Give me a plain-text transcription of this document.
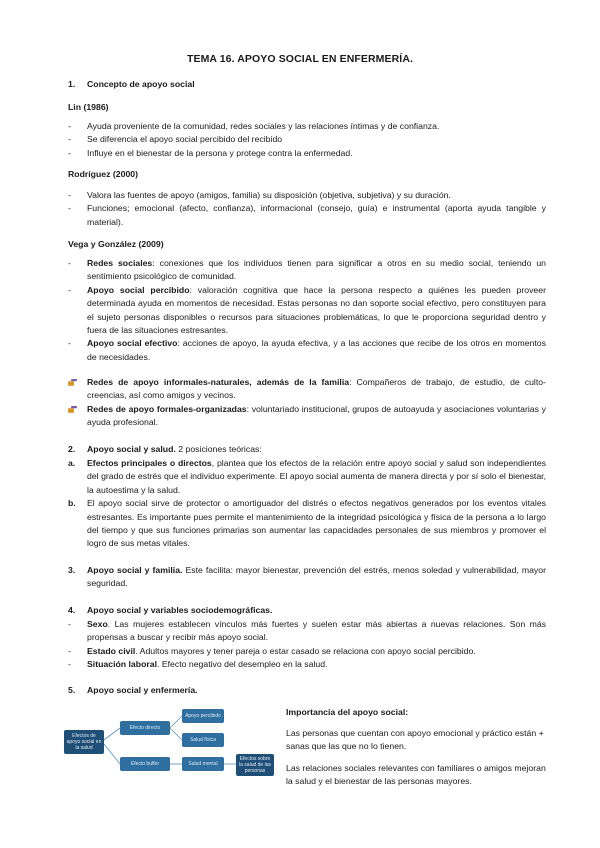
TEMA 16. APOYO SOCIAL EN ENFERMERÍA.
1. Concepto de apoyo social
Lin (1986)
- Ayuda proveniente de la comunidad, redes sociales y las relaciones íntimas y de confianza.
- Se diferencia el apoyo social percibido del recibido
- Influye en el bienestar de la persona y protege contra la enfermedad.
Rodríguez (2000)
- Valora las fuentes de apoyo (amigos, familia) su disposición (objetiva, subjetiva) y su duración.
- Funciones; emocional (afecto, confianza), informacional (consejo, guía) e instrumental (aporta ayuda tangible y material).
Vega y González (2009)
- Redes sociales: conexiones que los individuos tienen para significar a otros en su medio social, teniendo un sentimiento psicológico de comunidad.
- Apoyo social percibido: valoración cognitiva que hace la persona respecto a quiénes les pueden proveer determinada ayuda en momentos de necesidad. Estas personas no dan soporte social efectivo, pero constituyen para el sujeto personas disponibles o recursos para situaciones problemáticas, lo que le proporciona seguridad dentro y fuera de las situaciones estresantes.
- Apoyo social efectivo: acciones de apoyo, la ayuda efectiva, y a las acciones que recibe de los otros en momentos de necesidades.
Redes de apoyo informales-naturales, además de la familia: Compañeros de trabajo, de estudio, de culto-creencias, así como amigos y vecinos.
Redes de apoyo formales-organizadas: voluntariado institucional, grupos de autoayuda y asociaciones voluntarias y ayuda profesional.
2. Apoyo social y salud. 2 posiciones teóricas:
a. Efectos principales o directos, plantea que los efectos de la relación entre apoyo social y salud son independientes del grado de estrés que el individuo experimente. El apoyo social aumenta de manera directa y por sí solo el bienestar, la autoestima y la salud.
b. El apoyo social sirve de protector o amortiguador del distrés o efectos negativos generados por los eventos vitales estresantes. Es importante pues permite el mantenimiento de la integridad psicológica y física de la persona a lo largo del tiempo y que sus funciones primarias son aumentar las capacidades personales de sus miembros y promover el logro de sus metas vitales.
3. Apoyo social y familia. Este facilita: mayor bienestar, prevención del estrés, menos soledad y vulnerabilidad, mayor seguridad.
4. Apoyo social y variables sociodemográficas.
- Sexo. Las mujeres establecen vínculos más fuertes y suelen estar más abiertas a nuevas relaciones. Son más propensas a buscar y recibir más apoyo social.
- Estado civil. Adultos mayores y tener pareja o estar casado se relaciona con apoyo social percibido.
- Situación laboral. Efecto negativo del desempleo en la salud.
5. Apoyo social y enfermería.
Efectos de apoyo social en la salud
Efecto directo
Efecto buffer
Apoyo percibido
Salud física
Salud mental
Efectos sobre la salud de las personas
Importancia del apoyo social:
Las personas que cuentan con apoyo emocional y práctico están + sanas que las que no lo tienen.
Las relaciones sociales relevantes con familiares o amigos mejoran la salud y el bienestar de las personas mayores.
